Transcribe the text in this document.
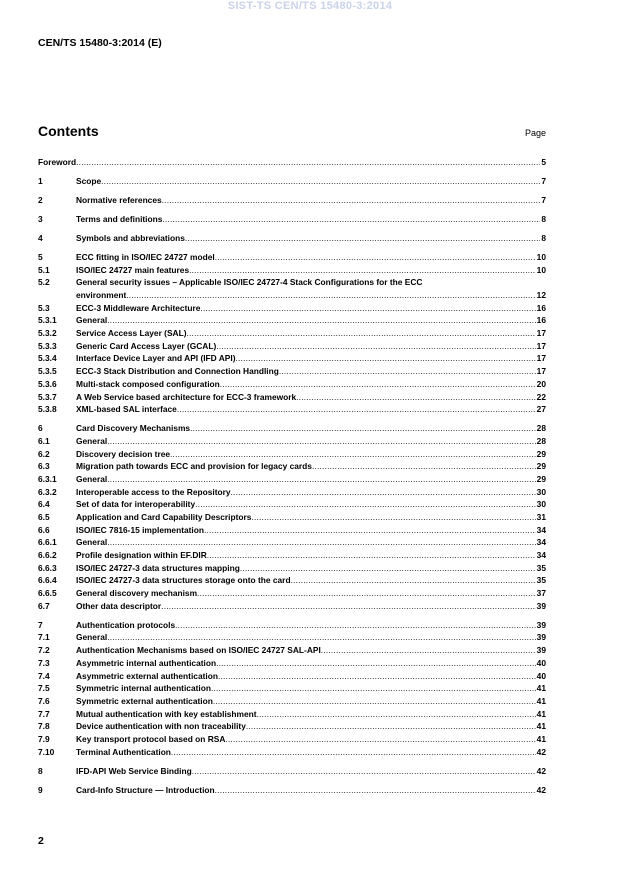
SIST-TS CEN/TS 15480-3:2014
CEN/TS 15480-3:2014 (E)
Contents	Page
Foreword .....	5
1	Scope .....	7
2	Normative references .....	7
3	Terms and definitions .....	8
4	Symbols and abbreviations .....	8
5	ECC fitting in ISO/IEC 24727 model .....	10
5.1	ISO/IEC 24727 main features .....	10
5.2	General security issues – Applicable ISO/IEC 24727-4 Stack Configurations for the ECC
environment .....	12
5.3	ECC-3 Middleware Architecture .....	16
5.3.1 General .....	16
5.3.2 Service Access Layer (SAL) .....	17
5.3.3 Generic Card Access Layer (GCAL) .....	17
5.3.4 Interface Device Layer and API (IFD API) .....	17
5.3.5 ECC-3 Stack Distribution and Connection Handling .....	17
5.3.6 Multi-stack composed configuration .....	20
5.3.7 A Web Service based architecture for ECC-3 framework .....	22
5.3.8 XML-based SAL interface .....	27
6	Card Discovery Mechanisms .....	28
6.1	General .....	28
6.2	Discovery decision tree .....	29
6.3	Migration path towards ECC and provision for legacy cards .....	29
6.3.1 General .....	29
6.3.2 Interoperable access to the Repository .....	30
6.4	Set of data for interoperability .....	30
6.5	Application and Card Capability Descriptors .....	31
6.6	ISO/IEC 7816-15 implementation .....	34
6.6.1 General .....	34
6.6.2 Profile designation within EF.DIR .....	34
6.6.3 ISO/IEC 24727-3 data structures mapping .....	35
6.6.4 ISO/IEC 24727-3 data structures storage onto the card .....	35
6.6.5 General discovery mechanism .....	37
6.7	Other data descriptor .....	39
7	Authentication protocols .....	39
7.1	General .....	39
7.2	Authentication Mechanisms based on ISO/IEC 24727 SAL-API .....	39
7.3	Asymmetric internal authentication .....	40
7.4	Asymmetric external authentication .....	40
7.5	Symmetric internal authentication .....	41
7.6	Symmetric external authentication .....	41
7.7	Mutual authentication with key establishment .....	41
7.8	Device authentication with non traceability .....	41
7.9	Key transport protocol based on RSA .....	41
7.10	Terminal Authentication .....	42
8	IFD-API Web Service Binding .....	42
9	Card-Info Structure — Introduction .....	42
2
